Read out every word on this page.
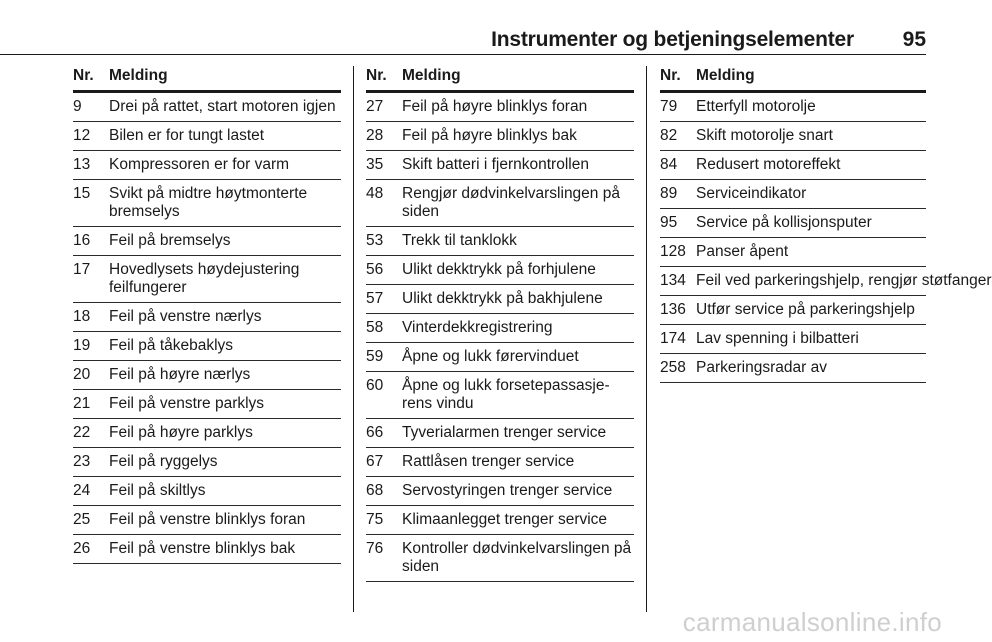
Instrumenter og betjeningselementer 95
Nr. Melding
9	Drei på rattet, start motoren igjen
12	Bilen er for tungt lastet
13	Kompressoren er for varm
15	Svikt på midtre høytmonterte bremselys
16	Feil på bremselys
17	Hovedlysets høydejustering feilfungerer
18	Feil på venstre nærlys
19	Feil på tåkebaklys
20	Feil på høyre nærlys
21	Feil på venstre parklys
22	Feil på høyre parklys
23	Feil på ryggelys
24	Feil på skiltlys
25	Feil på venstre blinklys foran
26	Feil på venstre blinklys bak
Nr. Melding
27	Feil på høyre blinklys foran
28	Feil på høyre blinklys bak
35	Skift batteri i fjernkontrollen
48	Rengjør dødvinkelvarslingen på siden
53	Trekk til tanklokk
56	Ulikt dekktrykk på forhjulene
57	Ulikt dekktrykk på bakhjulene
58	Vinterdekkregistrering
59	Åpne og lukk førervinduet
60	Åpne og lukk forsetepassasje- rens vindu
66	Tyverialarmen trenger service
67	Rattlåsen trenger service
68	Servostyringen trenger service
75	Klimaanlegget trenger service
76	Kontroller dødvinkelvarslingen på siden
Nr. Melding
79	Etterfyll motorolje
82	Skift motorolje snart
84	Redusert motoreffekt
89	Serviceindikator
95	Service på kollisjonsputer
128 Panser åpent
134 Feil ved parkeringshjelp, rengjør støtfanger
136 Utfør service på parkeringshjelp
174 Lav spenning i bilbatteri
258 Parkeringsradar av
carmanualsonline.info
